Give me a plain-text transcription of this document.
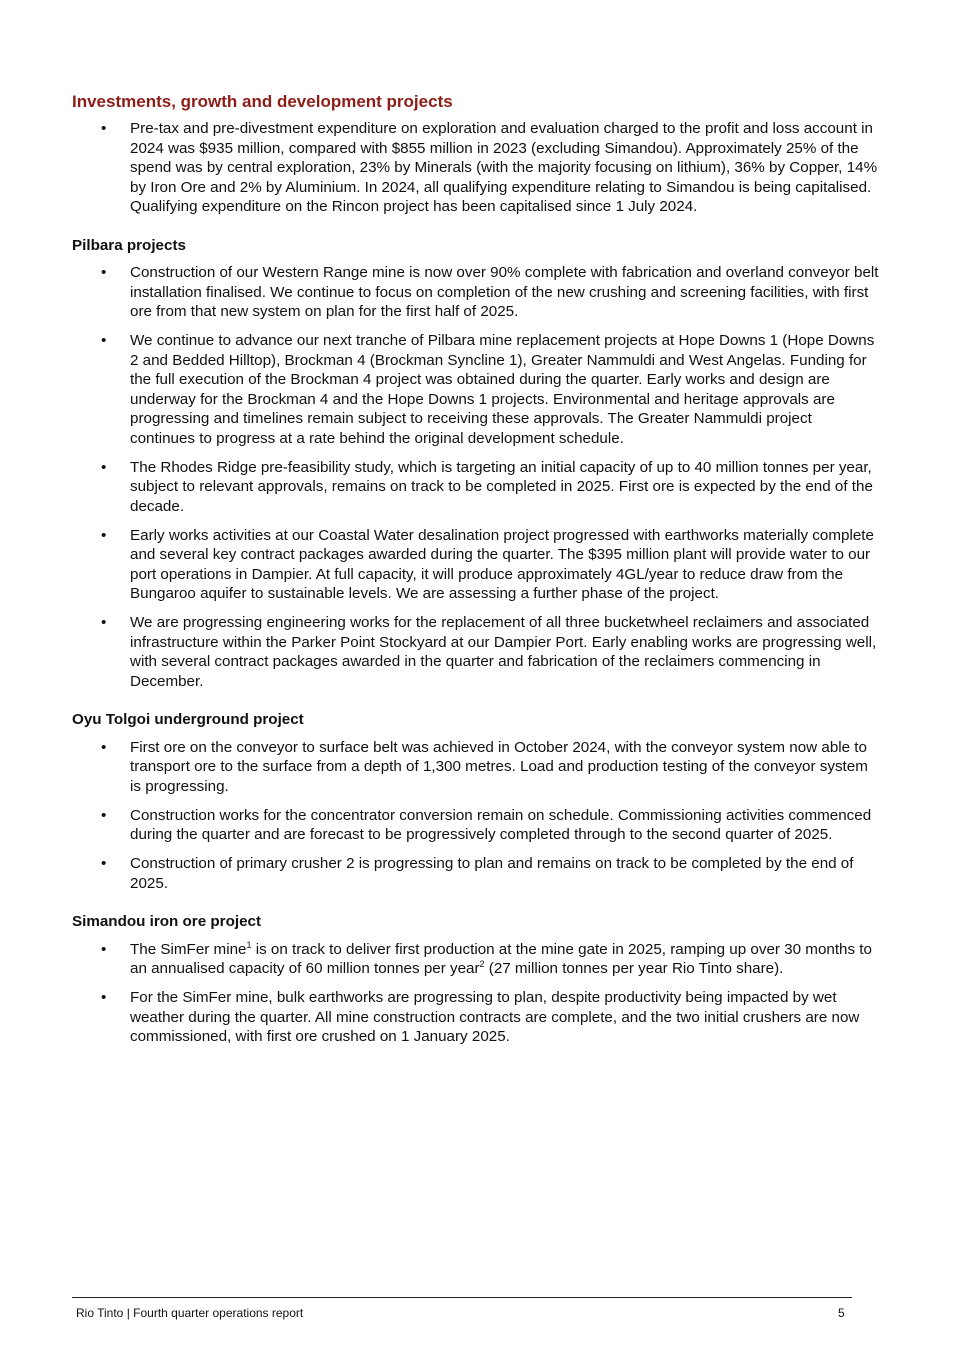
Investments, growth and development projects
• Pre-tax and pre-divestment expenditure on exploration and evaluation charged to the profit and loss account in 2024 was $935 million, compared with $855 million in 2023 (excluding Simandou). Approximately 25% of the spend was by central exploration, 23% by Minerals (with the majority focusing on lithium), 36% by Copper, 14% by Iron Ore and 2% by Aluminium. In 2024, all qualifying expenditure relating to Simandou is being capitalised. Qualifying expenditure on the Rincon project has been capitalised since 1 July 2024.
Pilbara projects
• Construction of our Western Range mine is now over 90% complete with fabrication and overland conveyor belt installation finalised. We continue to focus on completion of the new crushing and screening facilities, with first ore from that new system on plan for the first half of 2025.
• We continue to advance our next tranche of Pilbara mine replacement projects at Hope Downs 1 (Hope Downs 2 and Bedded Hilltop), Brockman 4 (Brockman Syncline 1), Greater Nammuldi and West Angelas. Funding for the full execution of the Brockman 4 project was obtained during the quarter. Early works and design are underway for the Brockman 4 and the Hope Downs 1 projects. Environmental and heritage approvals are progressing and timelines remain subject to receiving these approvals. The Greater Nammuldi project continues to progress at a rate behind the original development schedule.
• The Rhodes Ridge pre-feasibility study, which is targeting an initial capacity of up to 40 million tonnes per year, subject to relevant approvals, remains on track to be completed in 2025. First ore is expected by the end of the decade.
• Early works activities at our Coastal Water desalination project progressed with earthworks materially complete and several key contract packages awarded during the quarter. The $395 million plant will provide water to our port operations in Dampier. At full capacity, it will produce approximately 4GL/year to reduce draw from the Bungaroo aquifer to sustainable levels. We are assessing a further phase of the project.
• We are progressing engineering works for the replacement of all three bucketwheel reclaimers and associated infrastructure within the Parker Point Stockyard at our Dampier Port. Early enabling works are progressing well, with several contract packages awarded in the quarter and fabrication of the reclaimers commencing in December.
Oyu Tolgoi underground project
• First ore on the conveyor to surface belt was achieved in October 2024, with the conveyor system now able to transport ore to the surface from a depth of 1,300 metres. Load and production testing of the conveyor system is progressing.
• Construction works for the concentrator conversion remain on schedule. Commissioning activities commenced during the quarter and are forecast to be progressively completed through to the second quarter of 2025.
• Construction of primary crusher 2 is progressing to plan and remains on track to be completed by the end of 2025.
Simandou iron ore project
• The SimFer mine$^1$ is on track to deliver first production at the mine gate in 2025, ramping up over 30 months to an annualised capacity of 60 million tonnes per year$^2$ (27 million tonnes per year Rio Tinto share).
• For the SimFer mine, bulk earthworks are progressing to plan, despite productivity being impacted by wet weather during the quarter. All mine construction contracts are complete, and the two initial crushers are now commissioned, with first ore crushed on 1 January 2025.
Rio Tinto | Fourth quarter operations report	5
